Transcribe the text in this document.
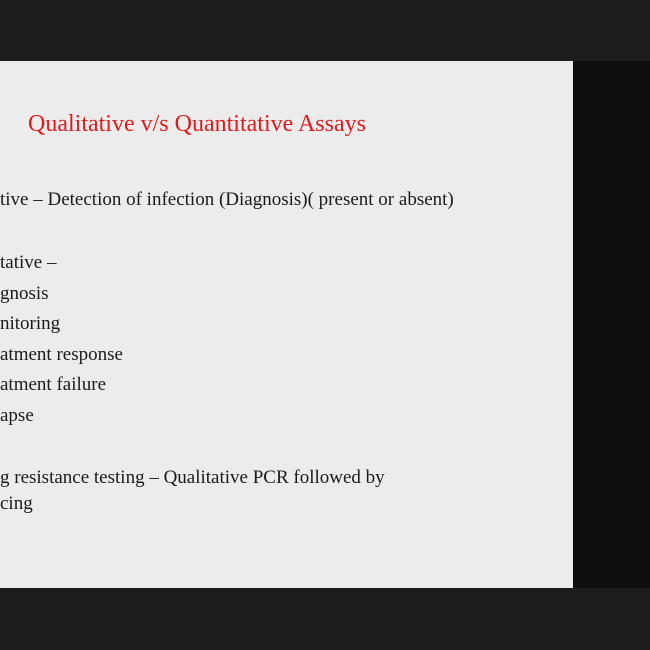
Qualitative v/s Quantitative Assays

tive – Detection of infection (Diagnosis)( present or absent)

tative –

gnosis

nitoring

atment response

atment failure

apse

g resistance testing – Qualitative PCR followed by

cing
